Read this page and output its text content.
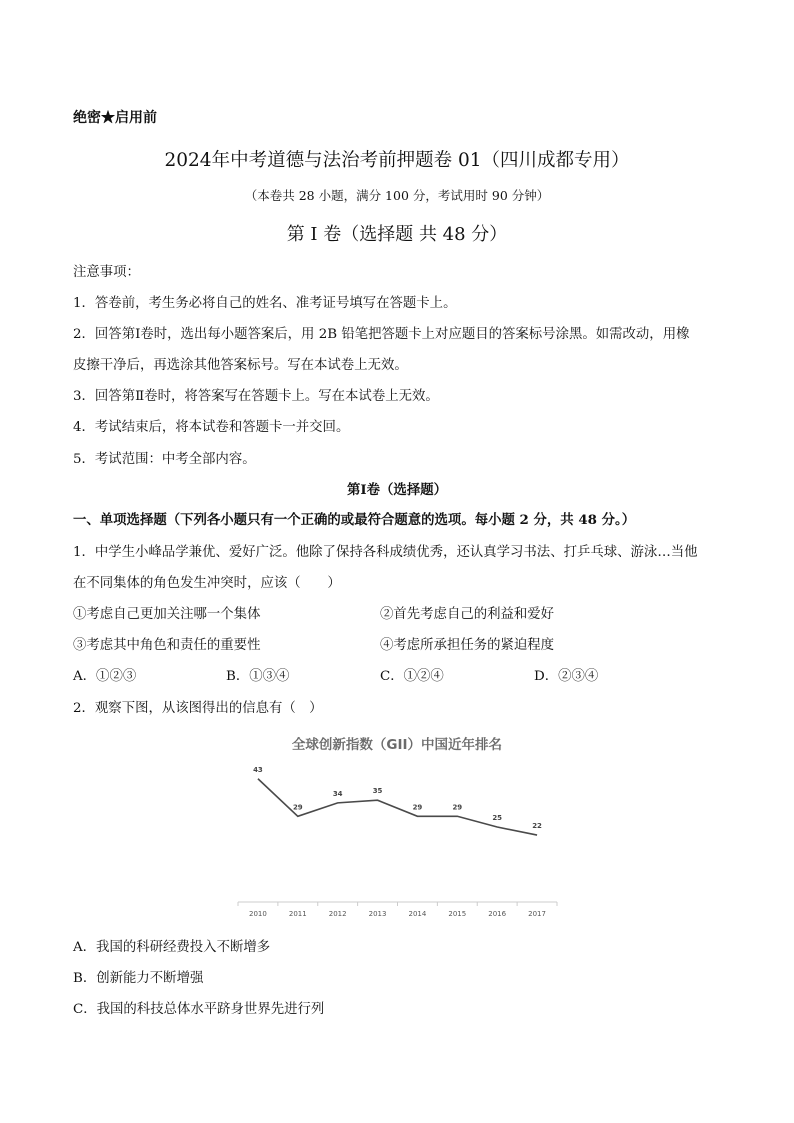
绝密★启用前
2024年中考道德与法治考前押题卷 01（四川成都专用）
（本卷共 28 小题，满分 100 分，考试用时 90 分钟）
第 I 卷（选择题 共 48 分）
注意事项：
1．答卷前，考生务必将自己的姓名、准考证号填写在答题卡上。
2．回答第Ⅰ卷时，选出每小题答案后，用 2B 铅笔把答题卡上对应题目的答案标号涂黑。如需改动，用橡
皮擦干净后，再选涂其他答案标号。写在本试卷上无效。
3．回答第Ⅱ卷时，将答案写在答题卡上。写在本试卷上无效。
4．考试结束后，将本试卷和答题卡一并交回。
5．考试范围：中考全部内容。
第Ⅰ卷（选择题）
一、单项选择题（下列各小题只有一个正确的或最符合题意的选项。每小题 2 分，共 48 分。）
1．中学生小峰品学兼优、爱好广泛。他除了保持各科成绩优秀，还认真学习书法、打乒乓球、游泳…当他
在不同集体的角色发生冲突时，应该（　　）
①考虑自己更加关注哪一个集体	②首先考虑自己的利益和爱好
③考虑其中角色和责任的重要性	④考虑所承担任务的紧迫程度
A．①②③	B．①③④	C．①②④	D．②③④
2．观察下图，从该图得出的信息有（　）
全球创新指数（GII）中国近年排名
43
29
34	35
29	29
25
22
2010	2011	2012	2013	2014	2015	2016	2017
A．我国的科研经费投入不断增多
B．创新能力不断增强
C．我国的科技总体水平跻身世界先进行列
